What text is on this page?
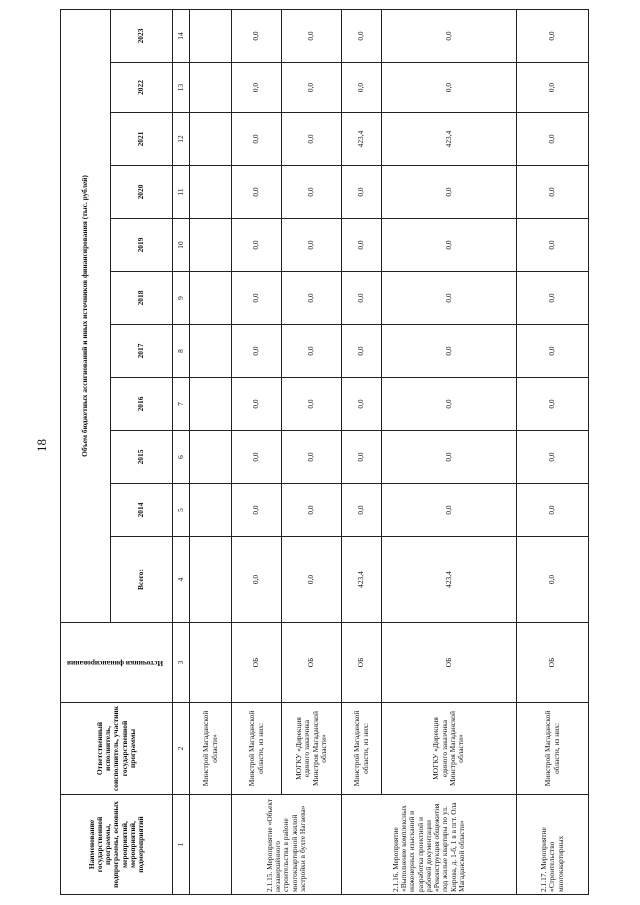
18
Наименование государственной программы, подпрограммы, основных мероприятий, мероприятий, подмероприятий	Ответственный исполнитель, соисполнитель, участник государственной программы	Источники финансирования	Объем бюджетных ассигнований и иных источников финансирования (тыс. рублей)										
			Всего:	2014	2015	2016	2017	2018	2019	2020	2021	2022	2023
1	2	3	4	5	6	7	8	9	10	11	12	13	14
	Минстрой Магаданской области»												
2.1.15. Мероприятие «Объект незавершённого строительства в районе многоквартирной жилой застройки в бухте Нагаева»	Минстрой Магаданской области, из них:	ОБ	0,0	0,0	0,0	0,0	0,0	0,0	0,0	0,0	0,0	0,0	0,0
	МОГКУ «Дирекция единого заказчика Минстроя Магаданской области»	ОБ	0,0	0,0	0,0	0,0	0,0	0,0	0,0	0,0	0,0	0,0	0,0
2.1.16. Мероприятие «Выполнение комплексных инженерных изысканий и разработка проектной и рабочей документации «Реконструкция общежития под жилые квартиры по ул. Кирова, д. 1-б, 1 в в пгт. Ола Магаданской области»	Минстрой Магаданской области, из них:	ОБ	423,4	0,0	0,0	0,0	0,0	0,0	0,0	0,0	423,4	0,0	0,0
	МОГКУ «Дирекция единого заказчика Минстроя Магаданской области»	ОБ	423,4	0,0	0,0	0,0	0,0	0,0	0,0	0,0	423,4	0,0	0,0
2.1.17. Мероприятие «Строительство многоквартирных	Минстрой Магаданской области, из них:	ОБ	0,0	0,0	0,0	0,0	0,0	0,0	0,0	0,0	0,0	0,0	0,0
